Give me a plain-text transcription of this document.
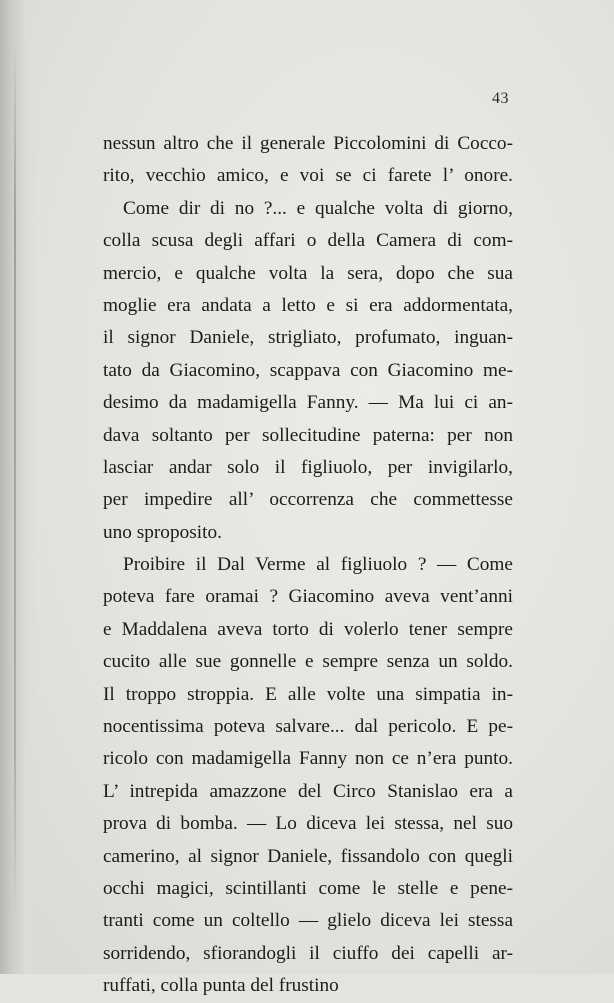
43
nessun altro che il generale Piccolomini di Cocco-
rito, vecchio amico, e voi se ci farete l’ onore.
Come dir di no ?... e qualche volta di giorno,
colla scusa degli affari o della Camera di com-
mercio, e qualche volta la sera, dopo che sua
moglie era andata a letto e si era addormentata,
il signor Daniele, strigliato, profumato, inguan-
tato da Giacomino, scappava con Giacomino me-
desimo da madamigella Fanny. — Ma lui ci an-
dava soltanto per sollecitudine paterna: per non
lasciar andar solo il figliuolo, per invigilarlo,
per impedire all’ occorrenza che commettesse
uno sproposito.
Proibire il Dal Verme al figliuolo ? — Come
poteva fare oramai ? Giacomino aveva vent’anni
e Maddalena aveva torto di volerlo tener sempre
cucito alle sue gonnelle e sempre senza un soldo.
Il troppo stroppia. E alle volte una simpatia in-
nocentissima poteva salvare... dal pericolo. E pe-
ricolo con madamigella Fanny non ce n’era punto.
L’ intrepida amazzone del Circo Stanislao era a
prova di bomba. — Lo diceva lei stessa, nel suo
camerino, al signor Daniele, fissandolo con quegli
occhi magici, scintillanti come le stelle e pene-
tranti come un coltello — glielo diceva lei stessa
sorridendo, sfiorandogli il ciuffo dei capelli ar-
ruffati, colla punta del frustino
